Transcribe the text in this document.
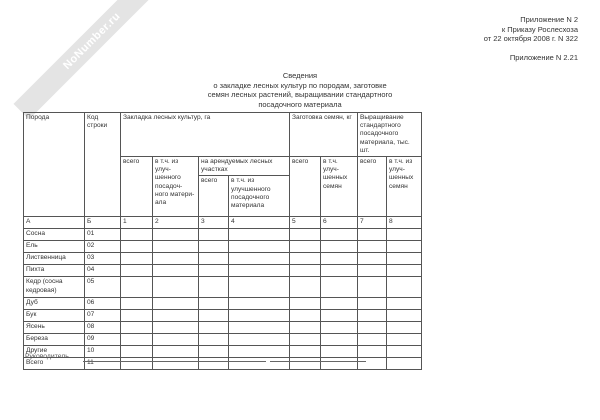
NoNumber.ru	Приложение N 2
к Приказу Рослесхоза
от 22 октября 2008 г. N 322
Приложение N 2.21
Сведения
о закладке лесных культур по породам, заготовке
семян лесных растений, выращивании стандартного
посадочного материала
Порода	Код строки	Закладка лесных культур, га				Заготовка семян, кг		Выращивание стандартного посадочного материала, тыс. шт.	
		всего	в т.ч. из улуч- шенного посадоч- ного матери- ала	на арендуемых лесных участках		всего	в т.ч. улуч- шенных семян	всего	в т.ч. из улуч- шенных семян
				всего	в т.ч. из улучшенного посадочного материала				
А	Б	1	2	3	4	5	6	7	8
Сосна	01								
Ель	02								
Лиственница	03								
Пихта	04								
Кедр (сосна кедровая)	05								
Дуб	06								
Бук	07								
Ясень	08								
Береза	09								
Другие	10								
Всего	11								
Руководитель
